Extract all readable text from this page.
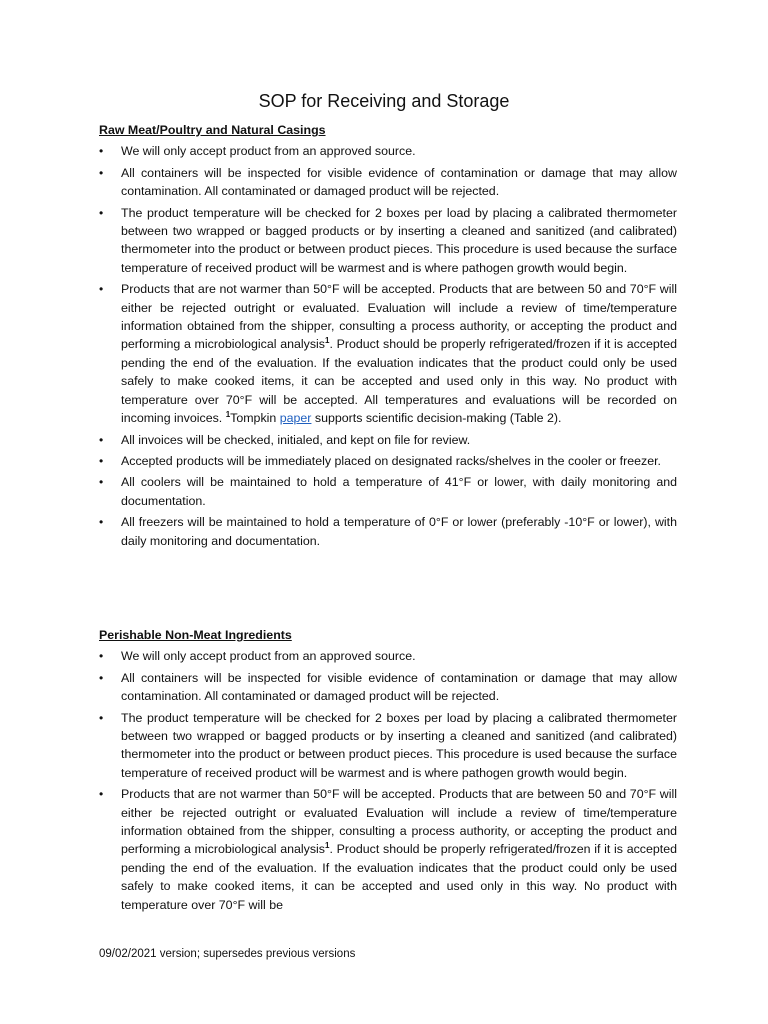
SOP for Receiving and Storage

Raw Meat/Poultry and Natural Casings

• We will only accept product from an approved source.
• All containers will be inspected for visible evidence of contamination or damage that may allow contamination. All contaminated or damaged product will be rejected.
• The product temperature will be checked for 2 boxes per load by placing a calibrated thermometer between two wrapped or bagged products or by inserting a cleaned and sanitized (and calibrated) thermometer into the product or between product pieces. This procedure is used because the surface temperature of received product will be warmest and is where pathogen growth would begin.
• Products that are not warmer than 50°F will be accepted. Products that are between 50 and 70°F will either be rejected outright or evaluated. Evaluation will include a review of time/temperature information obtained from the shipper, consulting a process authority, or accepting the product and performing a microbiological analysis$^1$. Product should be properly refrigerated/frozen if it is accepted pending the end of the evaluation. If the evaluation indicates that the product could only be used safely to make cooked items, it can be accepted and used only in this way. No product with temperature over 70°F will be accepted. All temperatures and evaluations will be recorded on incoming invoices. $^1$Tompkin paper supports scientific decision-making (Table 2).
• All invoices will be checked, initialed, and kept on file for review.
• Accepted products will be immediately placed on designated racks/shelves in the cooler or freezer.
• All coolers will be maintained to hold a temperature of 41°F or lower, with daily monitoring and documentation.
• All freezers will be maintained to hold a temperature of 0°F or lower (preferably -10°F or lower), with daily monitoring and documentation.

Perishable Non-Meat Ingredients

• We will only accept product from an approved source.
• All containers will be inspected for visible evidence of contamination or damage that may allow contamination. All contaminated or damaged product will be rejected.
• The product temperature will be checked for 2 boxes per load by placing a calibrated thermometer between two wrapped or bagged products or by inserting a cleaned and sanitized (and calibrated) thermometer into the product or between product pieces. This procedure is used because the surface temperature of received product will be warmest and is where pathogen growth would begin.
• Products that are not warmer than 50°F will be accepted. Products that are between 50 and 70°F will either be rejected outright or evaluated Evaluation will include a review of time/temperature information obtained from the shipper, consulting a process authority, or accepting the product and performing a microbiological analysis$^1$. Product should be properly refrigerated/frozen if it is accepted pending the end of the evaluation. If the evaluation indicates that the product could only be used safely to make cooked items, it can be accepted and used only in this way. No product with temperature over 70°F will be
09/02/2021 version; supersedes previous versions
